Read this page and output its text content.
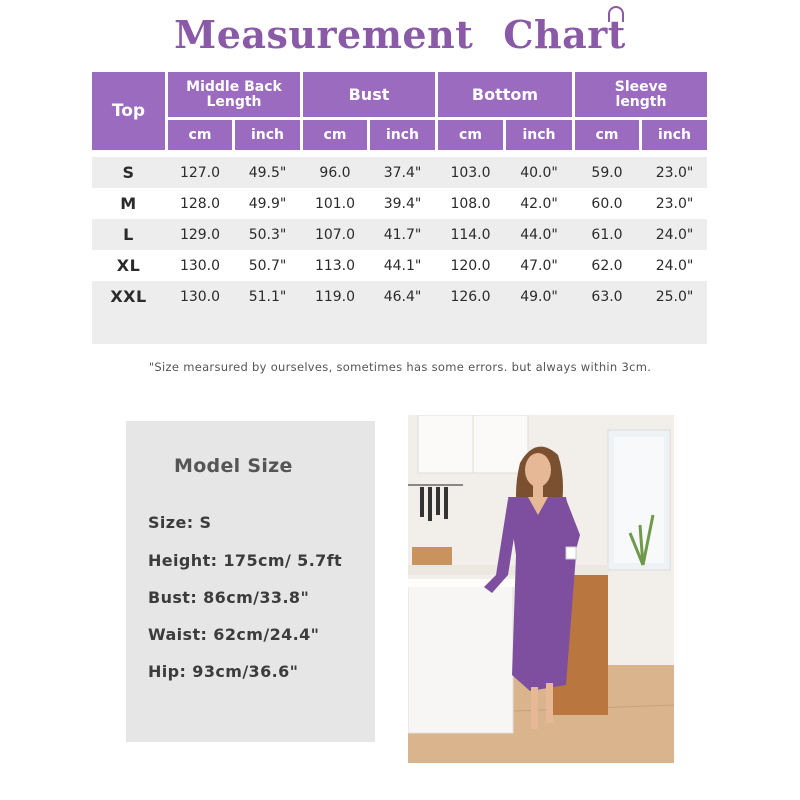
Measurement Chart
Top
Middle Back Length	Bust	Bottom	Sleeve length
cm	inch	cm	inch	cm	inch	cm	inch
S	127.0	49.5"	96.0	37.4"	103.0	40.0"	59.0	23.0"
M	128.0	49.9"	101.0	39.4"	108.0	42.0"	60.0	23.0"
L	129.0	50.3"	107.0	41.7"	114.0	44.0"	61.0	24.0"
XL	130.0	50.7"	113.0	44.1"	120.0	47.0"	62.0	24.0"
XXL	130.0	51.1"	119.0	46.4"	126.0	49.0"	63.0	25.0"
"Size mearsured by ourselves, sometimes has some errors. but always within 3cm.
Model Size
Size: S
Height: 175cm/ 5.7ft
Bust: 86cm/33.8"
Waist: 62cm/24.4"
Hip: 93cm/36.6"
